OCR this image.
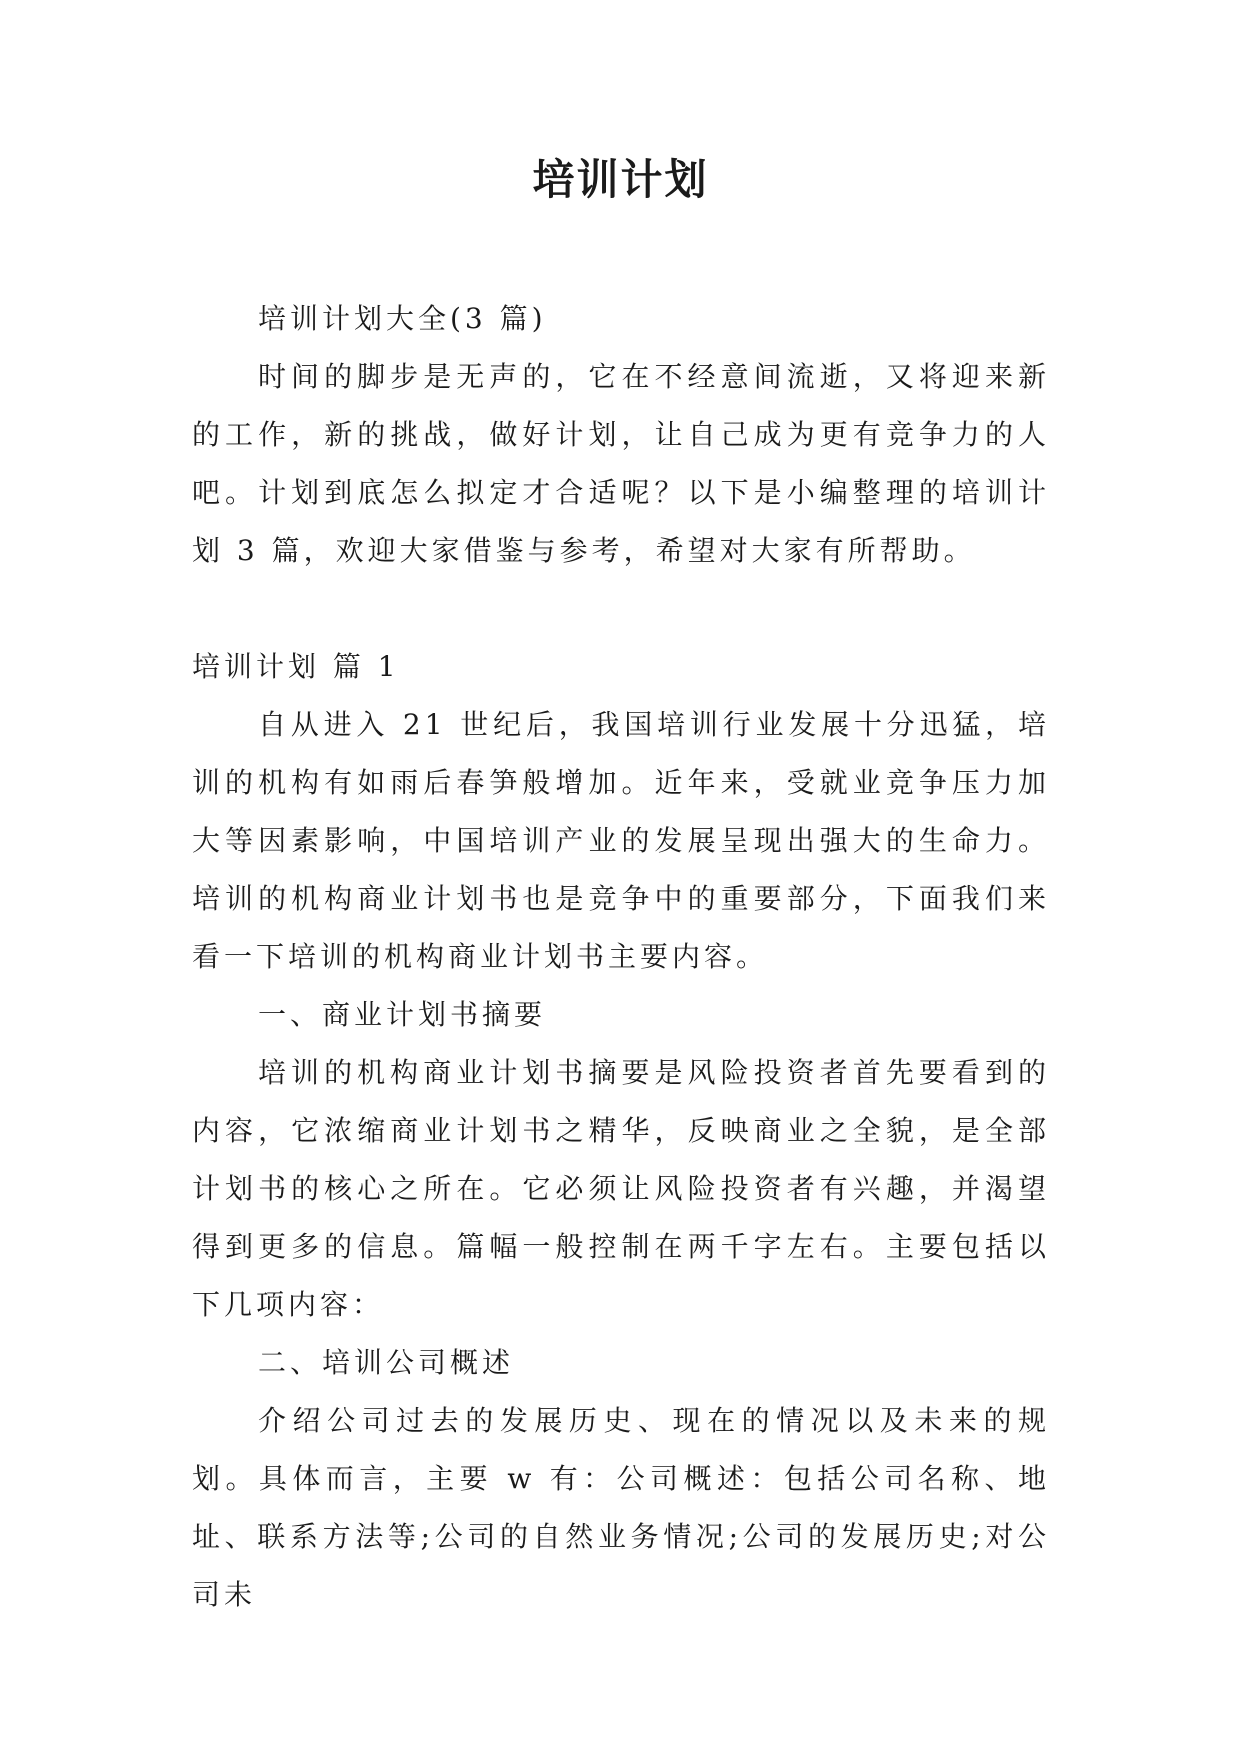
培训计划

培训计划大全(3 篇)

时间的脚步是无声的，它在不经意间流逝，又将迎来新的工作，新的挑战，做好计划，让自己成为更有竞争力的人吧。计划到底怎么拟定才合适呢？以下是小编整理的培训计划 3 篇，欢迎大家借鉴与参考，希望对大家有所帮助。

培训计划 篇 1

自从进入 21 世纪后，我国培训行业发展十分迅猛，培训的机构有如雨后春笋般增加。近年来，受就业竞争压力加大等因素影响，中国培训产业的发展呈现出强大的生命力。培训的机构商业计划书也是竞争中的重要部分，下面我们来看一下培训的机构商业计划书主要内容。

一、商业计划书摘要

培训的机构商业计划书摘要是风险投资者首先要看到的内容，它浓缩商业计划书之精华，反映商业之全貌，是全部计划书的核心之所在。它必须让风险投资者有兴趣，并渴望得到更多的信息。篇幅一般控制在两千字左右。主要包括以下几项内容：

二、培训公司概述

介绍公司过去的发展历史、现在的情况以及未来的规划。具体而言，主要 w 有：公司概述：包括公司名称、地址、联系方法等;公司的自然业务情况;公司的发展历史;对公司未
